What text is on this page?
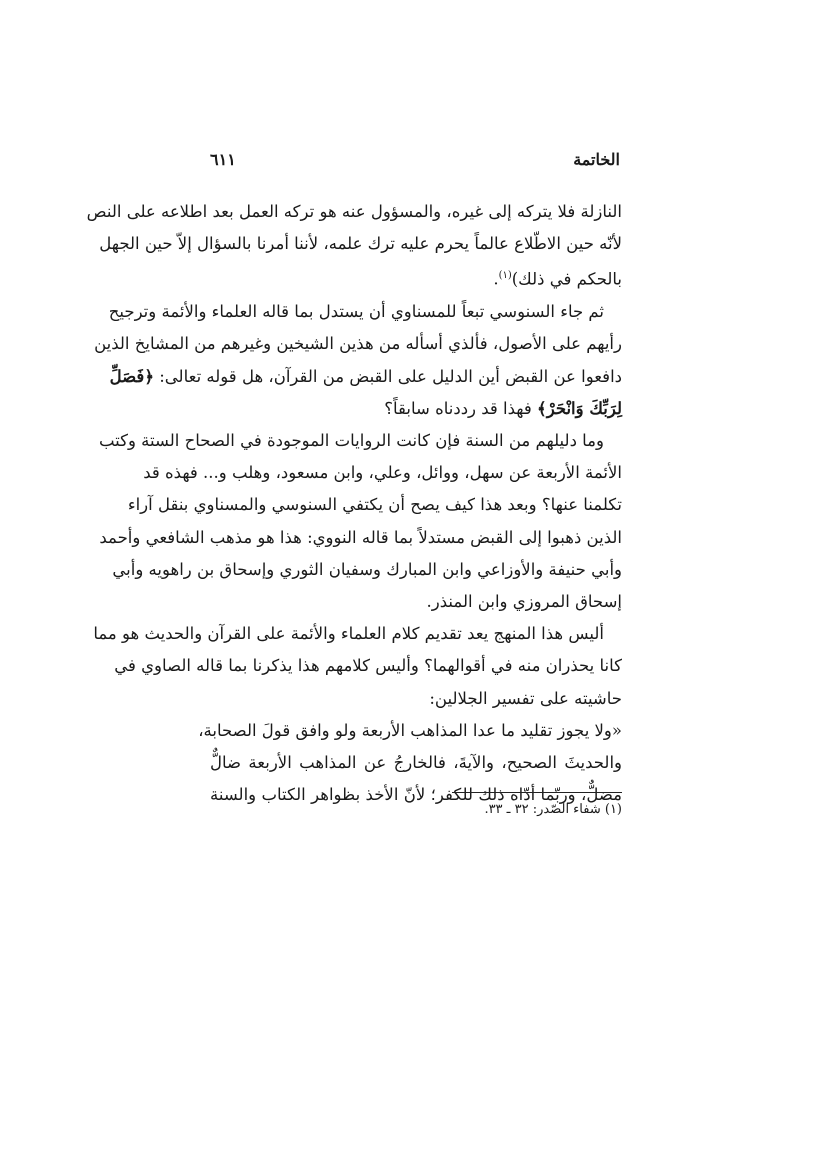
الخاتمة
٦١١
النازلة فلا يتركه إلى غيره، والمسؤول عنه هو تركه العمل بعد اطلاعه على النص
لأنّه حين الاطّلاع عالماً يحرم عليه ترك علمه، لأننا أمرنا بالسؤال إلاّ حين الجهل
بالحكم في ذلك)$^{(١)}$.
ثم جاء السنوسي تبعاً للمسناوي أن يستدل بما قاله العلماء والأئمة وترجيح
رأيهم على الأصول، فألذي أسأله من هذين الشيخين وغيرهم من المشايخ الذين
دافعوا عن القبض أين الدليل على القبض من القرآن، هل قوله تعالى: ﴿فَصَلِّ
لِرَبِّكَ وَانْحَرْ﴾ فهذا قد رددناه سابقاً؟
وما دليلهم من السنة فإن كانت الروايات الموجودة في الصحاح الستة وكتب
الأئمة الأربعة عن سهل، ووائل، وعلي، وابن مسعود، وهلب و... فهذه قد
تكلمنا عنها؟ وبعد هذا كيف يصح أن يكتفي السنوسي والمسناوي بنقل آراء
الذين ذهبوا إلى القبض مستدلاً بما قاله النووي: هذا هو مذهب الشافعي وأحمد
وأبي حنيفة والأوزاعي وابن المبارك وسفيان الثوري وإسحاق بن راهويه وأبي
إسحاق المروزي وابن المنذر.
أليس هذا المنهج يعد تقديم كلام العلماء والأئمة على القرآن والحديث هو مما
كانا يحذران منه في أقوالهما؟ وأليس كلامهم هذا يذكرنا بما قاله الصاوي في
حاشيته على تفسير الجلالين:
«ولا يجوز تقليد ما عدا المذاهب الأربعة ولو وافق قولَ الصحابة،
والحديثَ الصحيح، والآيةَ، فالخارجُ عن المذاهب الأربعة ضالٌّ
مضلٌّ، وربّما أدّاه ذلك للكفر؛ لأنّ الأخذ بظواهر الكتاب والسنة
(١) شفاء الصّدر: ٣٢ ـ ٣٣.
